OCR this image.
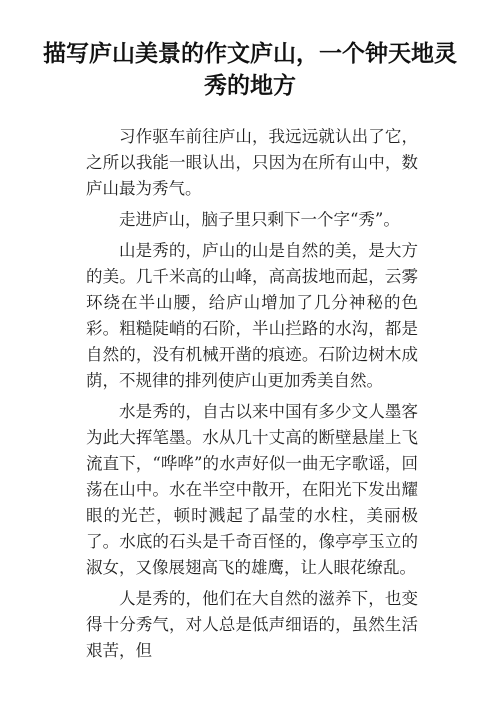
描写庐山美景的作文庐山，一个钟天地灵秀的地方

习作驱车前往庐山，我远远就认出了它，之所以我能一眼认出，只因为在所有山中，数庐山最为秀气。

走进庐山，脑子里只剩下一个字“秀”。

山是秀的，庐山的山是自然的美，是大方的美。几千米高的山峰，高高拔地而起，云雾环绕在半山腰，给庐山增加了几分神秘的色彩。粗糙陡峭的石阶，半山拦路的水沟，都是自然的，没有机械开凿的痕迹。石阶边树木成荫，不规律的排列使庐山更加秀美自然。

水是秀的，自古以来中国有多少文人墨客为此大挥笔墨。水从几十丈高的断壁悬崖上飞流直下，“哗哗”的水声好似一曲无字歌谣，回荡在山中。水在半空中散开，在阳光下发出耀眼的光芒，顿时溅起了晶莹的水柱，美丽极了。水底的石头是千奇百怪的，像亭亭玉立的淑女，又像展翅高飞的雄鹰，让人眼花缭乱。

人是秀的，他们在大自然的滋养下，也变得十分秀气，对人总是低声细语的，虽然生活艰苦，但
